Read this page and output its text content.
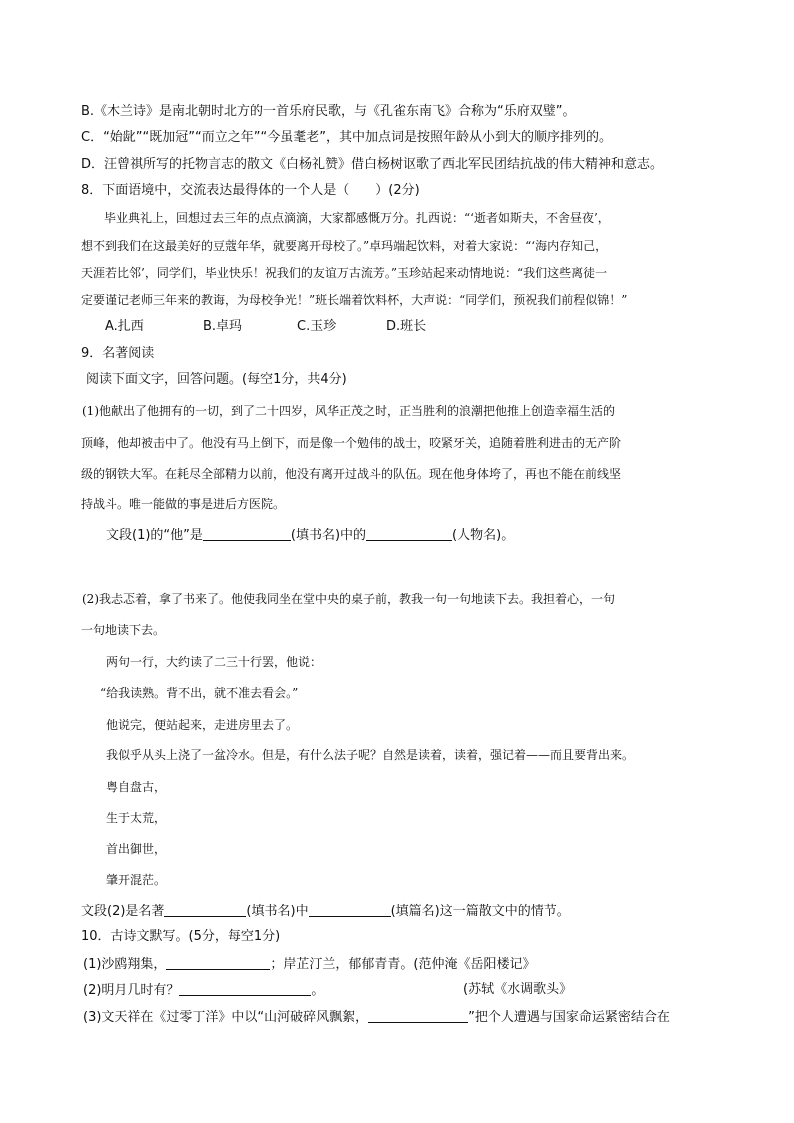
B.《木兰诗》是南北朝时北方的一首乐府民歌，与《孔雀东南飞》合称为“乐府双璧”。
C．“始龀”“既加冠”“而立之年”“今虽耄老”，其中加点词是按照年龄从小到大的顺序排列的。
D．汪曾祺所写的托物言志的散文《白杨礼赞》借白杨树讴歌了西北军民团结抗战的伟大精神和意志。
8．下面语境中，交流表达最得体的一个人是（　　）(2分)
毕业典礼上，回想过去三年的点点滴滴，大家都感慨万分。扎西说：“‘逝者如斯夫，不舍昼夜’，
想不到我们在这最美好的豆蔻年华，就要离开母校了。”卓玛端起饮料，对着大家说：“‘海内存知己，
天涯若比邻’，同学们，毕业快乐！祝我们的友谊万古流芳。”玉珍站起来动情地说：“我们这些离徒一
定要谨记老师三年来的教诲，为母校争光！”班长端着饮料杯，大声说：“同学们，预祝我们前程似锦！”
A.扎西	B.卓玛	C.玉珍	D.班长
9．名著阅读
阅读下面文字，回答问题。(每空1分，共4分)
(1)他献出了他拥有的一切，到了二十四岁，风华正茂之时，正当胜利的浪潮把他推上创造幸福生活的
顶峰，他却被击中了。他没有马上倒下，而是像一个勉伟的战士，咬紧牙关，追随着胜利进击的无产阶
级的钢铁大军。在耗尽全部精力以前，他没有离开过战斗的队伍。现在他身体垮了，再也不能在前线坚
持战斗。唯一能做的事是进后方医院。
文段(1)的“他”是	(填书名)中的	(人物名)。
(2)我忐忑着，拿了书来了。他使我同坐在堂中央的桌子前，教我一句一句地读下去。我担着心，一句
一句地读下去。
两句一行，大约读了二三十行罢，他说：
“给我读熟。背不出，就不准去看会。”
他说完，便站起来，走进房里去了。
我似乎从头上浇了一盆冷水。但是，有什么法子呢？自然是读着，读着，强记着——而且要背出来。
粤自盘古，
生于太荒，
首出御世，
肇开混茫。
文段(2)是名著	(填书名)中	(填篇名)这一篇散文中的情节。
10．古诗文默写。(5分，每空1分)
(1)沙鸥翔集，	；岸芷汀兰，郁郁青青。(范仲淹《岳阳楼记》
(2)明月几时有？	。	(苏轼《水调歌头》
(3)文天祥在《过零丁洋》中以“山河破碎风飘絮，	”把个人遭遇与国家命运紧密结合在
